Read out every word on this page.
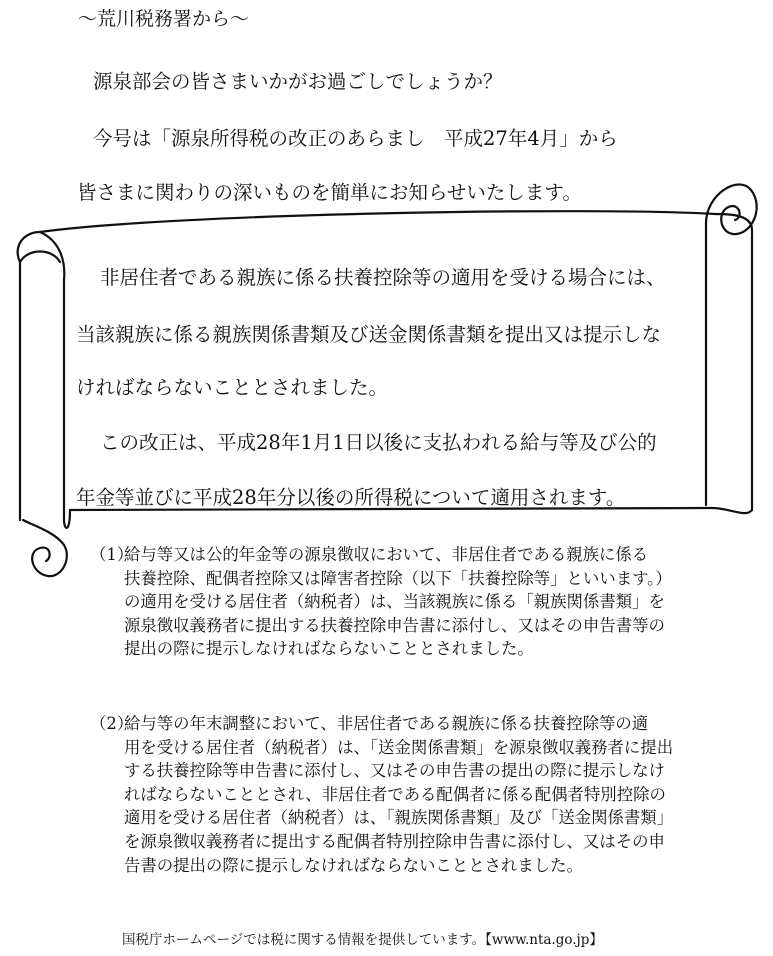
～荒川税務署から～
源泉部会の皆さまいかがお過ごしでしょうか？
今号は「源泉所得税の改正のあらまし　平成27年4月」から
皆さまに関わりの深いものを簡単にお知らせいたします。
非居住者である親族に係る扶養控除等の適用を受ける場合には、
当該親族に係る親族関係書類及び送金関係書類を提出又は提示しな
ければならないこととされました。
この改正は、平成28年1月1日以後に支払われる給与等及び公的
年金等並びに平成28年分以後の所得税について適用されます。
（1）
給与等又は公的年金等の源泉徴収において、非居住者である親族に係る
扶養控除、配偶者控除又は障害者控除（以下「扶養控除等」といいます。）
の適用を受ける居住者（納税者）は、当該親族に係る「親族関係書類」を
源泉徴収義務者に提出する扶養控除申告書に添付し、又はその申告書等の
提出の際に提示しなければならないこととされました。
（2）
給与等の年末調整において、非居住者である親族に係る扶養控除等の適
用を受ける居住者（納税者）は、「送金関係書類」を源泉徴収義務者に提出
する扶養控除等申告書に添付し、又はその申告書の提出の際に提示しなけ
ればならないこととされ、非居住者である配偶者に係る配偶者特別控除の
適用を受ける居住者（納税者）は、「親族関係書類」及び「送金関係書類」
を源泉徴収義務者に提出する配偶者特別控除申告書に添付し、又はその申
告書の提出の際に提示しなければならないこととされました。
国税庁ホームページでは税に関する情報を提供しています。【www.nta.go.jp】
